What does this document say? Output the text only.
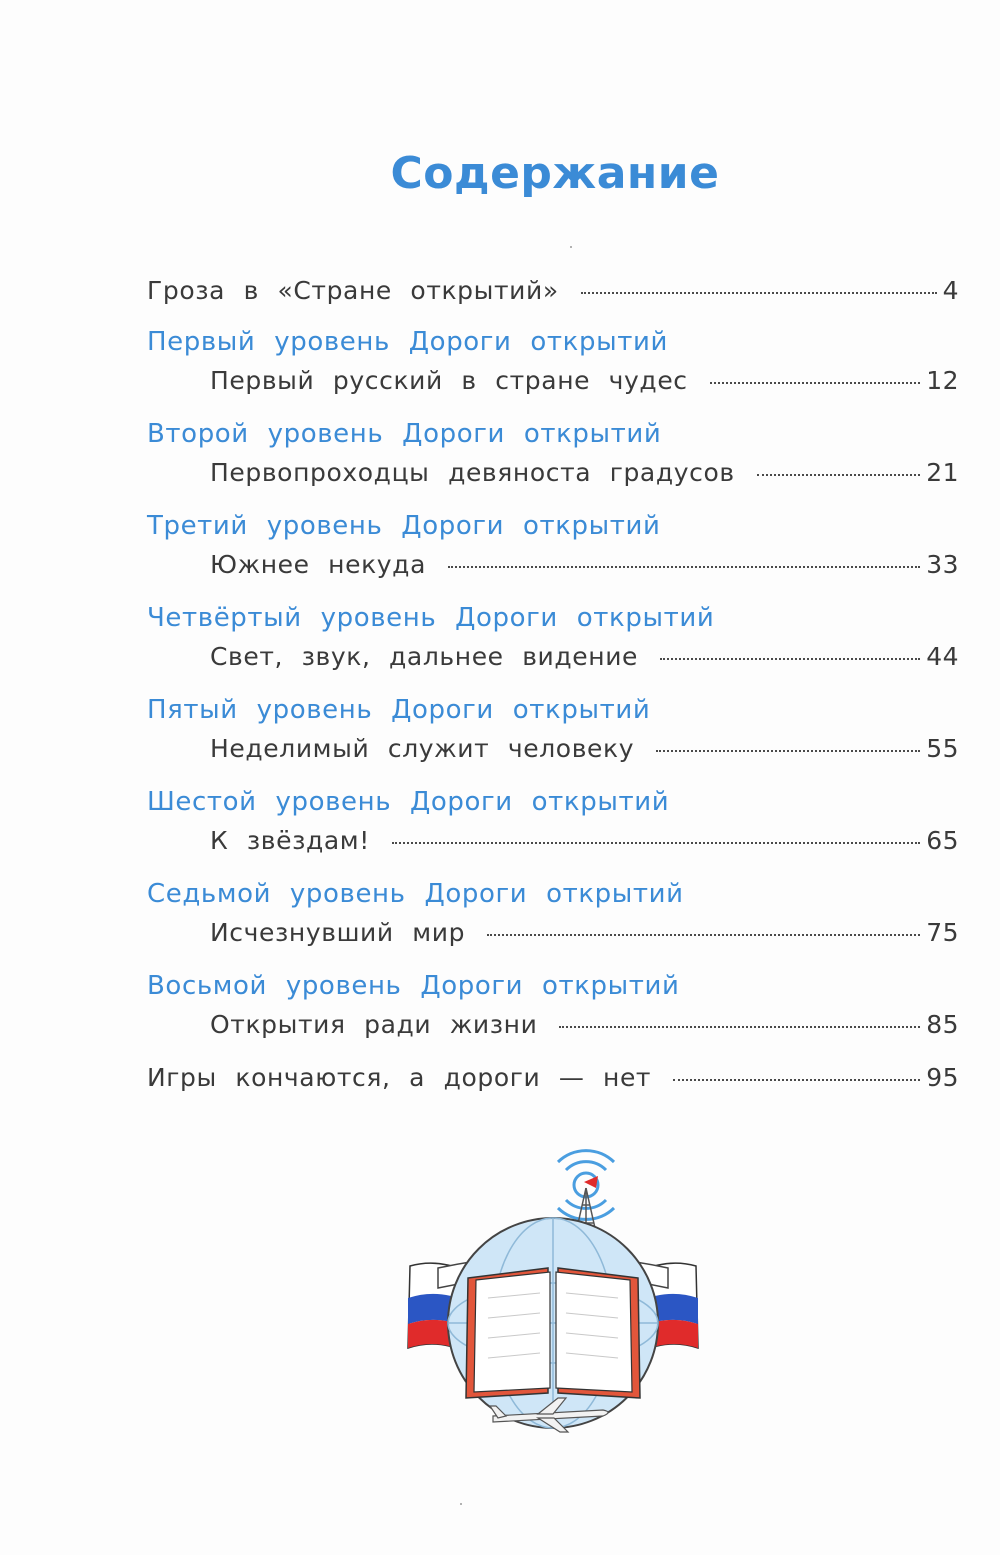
Содержание
Гроза в «Стране открытий»	4
Первый уровень Дороги открытий
Первый русский в стране чудес	12
Второй уровень Дороги открытий
Первопроходцы девяноста градусов	21
Третий уровень Дороги открытий
Южнее некуда	33
Четвёртый уровень Дороги открытий
Свет, звук, дальнее видение	44
Пятый уровень Дороги открытий
Неделимый служит человеку	55
Шестой уровень Дороги открытий
К звёздам!	65
Седьмой уровень Дороги открытий
Исчезнувший мир	75
Восьмой уровень Дороги открытий
Открытия ради жизни	85
Игры кончаются, а дороги — нет	95
